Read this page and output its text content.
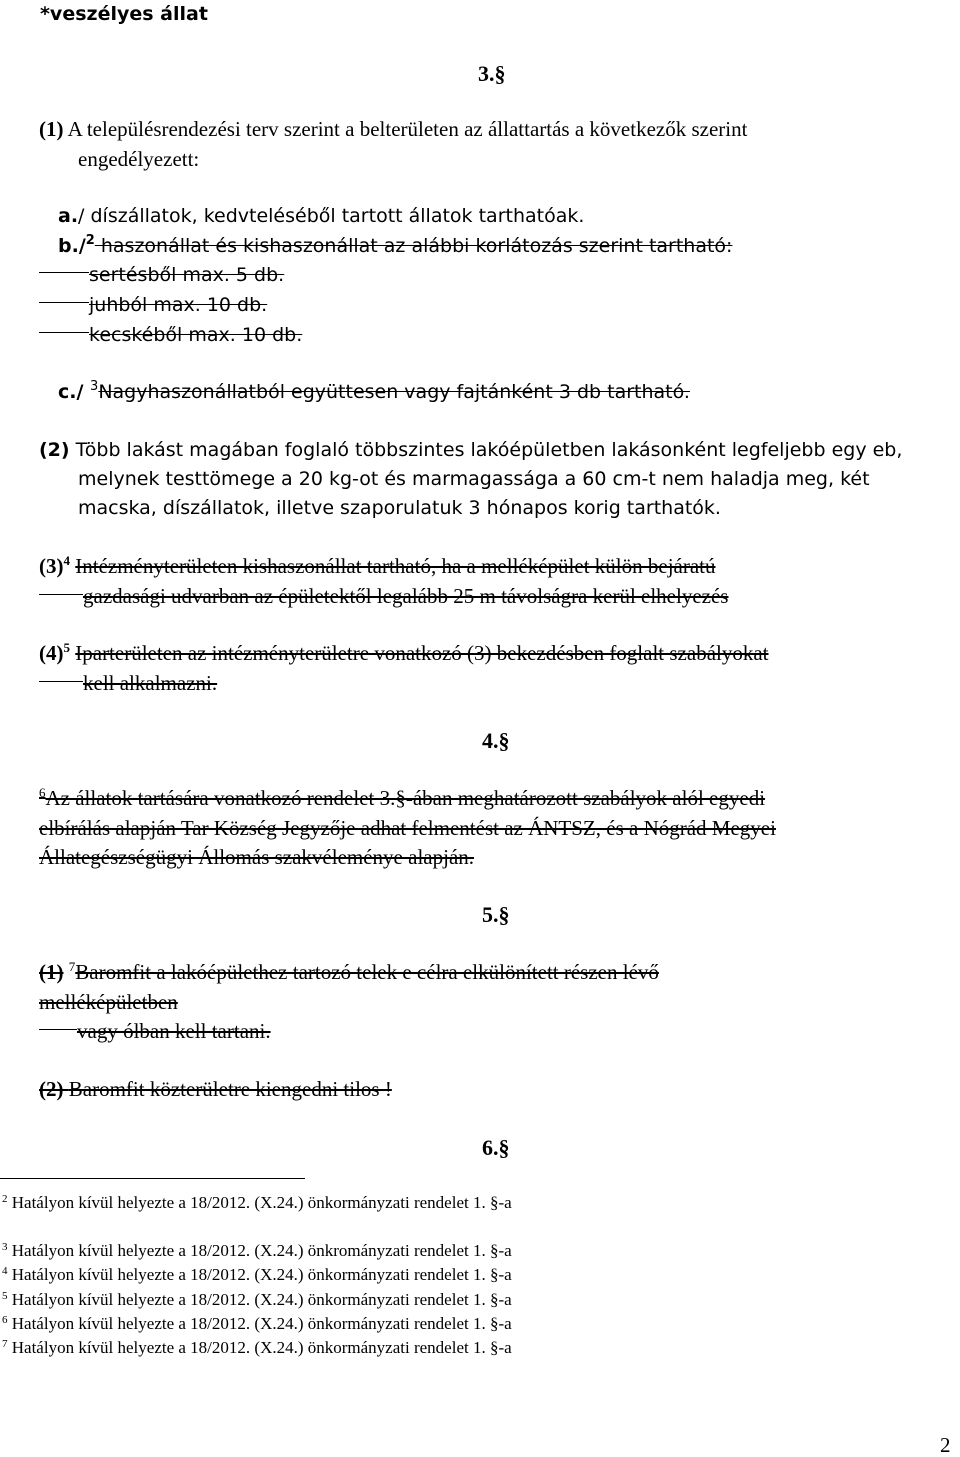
*veszélyes állat
3.§
(1) A településrendezési terv szerint a belterületen az állattartás a következők szerint
engedélyezett:
a./ díszállatok, kedvteléséből tartott állatok tarthatóak.
b./$^2$ haszonállat és kishaszonállat az alábbi korlátozás szerint tartható:
sertésből max. 5 db.
juhból max. 10 db.
kecskéből max. 10 db.
c./ $^3$Nagyhaszonállatból együttesen vagy fajtánként 3 db tartható.
(2) Több lakást magában foglaló többszintes lakóépületben lakásonként legfeljebb egy eb,
melynek testtömege a 20 kg-ot és marmagassága a 60 cm-t nem haladja meg, két
macska, díszállatok, illetve szaporulatuk 3 hónapos korig tarthatók.
$(3)^4$ Intézményterületen kishaszonállat tartható, ha a melléképület külön bejáratú
gazdasági udvarban az épületektől legalább 25 m távolságra kerül elhelyezés
$(4)^5$ Iparterületen az intézményterületre vonatkozó (3) bekezdésben foglalt szabályokat
kell alkalmazni.
4.§
$^6$Az állatok tartására vonatkozó rendelet 3.§-ában meghatározott szabályok alól egyedi
elbírálás alapján Tar Község Jegyzője adhat felmentést az ÁNTSZ, és a Nógrád Megyei
Állategészségügyi Állomás szakvéleménye alapján.
5.§
(1) $^7$Baromfit a lakóépülethez tartozó telek e célra elkülönített részen lévő
melléképületben
vagy ólban kell tartani.
(2) Baromfit közterületre kiengedni tilos !
6.§
$^2$ Hatályon kívül helyezte a 18/2012. (X.24.) önkormányzati rendelet 1. §-a
$^3$ Hatályon kívül helyezte a 18/2012. (X.24.) önkrományzati rendelet 1. §-a
$^4$ Hatályon kívül helyezte a 18/2012. (X.24.) önkormányzati rendelet 1. §-a
$^5$ Hatályon kívül helyezte a 18/2012. (X.24.) önkormányzati rendelet 1. §-a
$^6$ Hatályon kívül helyezte a 18/2012. (X.24.) önkormányzati rendelet 1. §-a
$^7$ Hatályon kívül helyezte a 18/2012. (X.24.) önkormányzati rendelet 1. §-a
2
